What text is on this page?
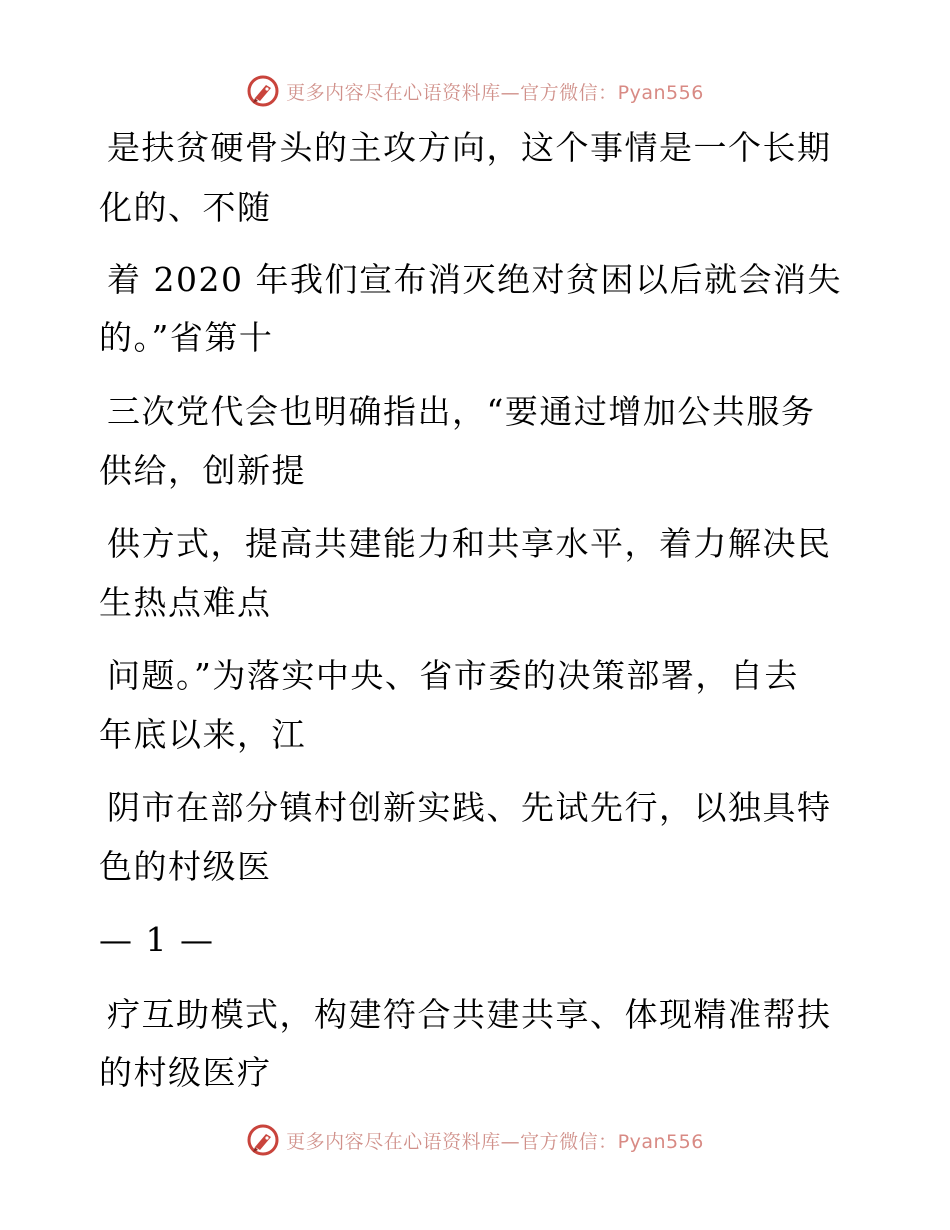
更多内容尽在心语资料库—官方微信：Pyan556
是扶贫硬骨头的主攻方向，这个事情是一个长期
化的、不随
着 2020 年我们宣布消灭绝对贫困以后就会消失
的。”省第十
三次党代会也明确指出，“要通过增加公共服务
供给，创新提
供方式，提高共建能力和共享水平，着力解决民
生热点难点
问题。”为落实中央、省市委的决策部署，自去
年底以来，江
阴市在部分镇村创新实践、先试先行，以独具特
色的村级医
— 1 —
疗互助模式，构建符合共建共享、体现精准帮扶
的村级医疗
更多内容尽在心语资料库—官方微信：Pyan556
